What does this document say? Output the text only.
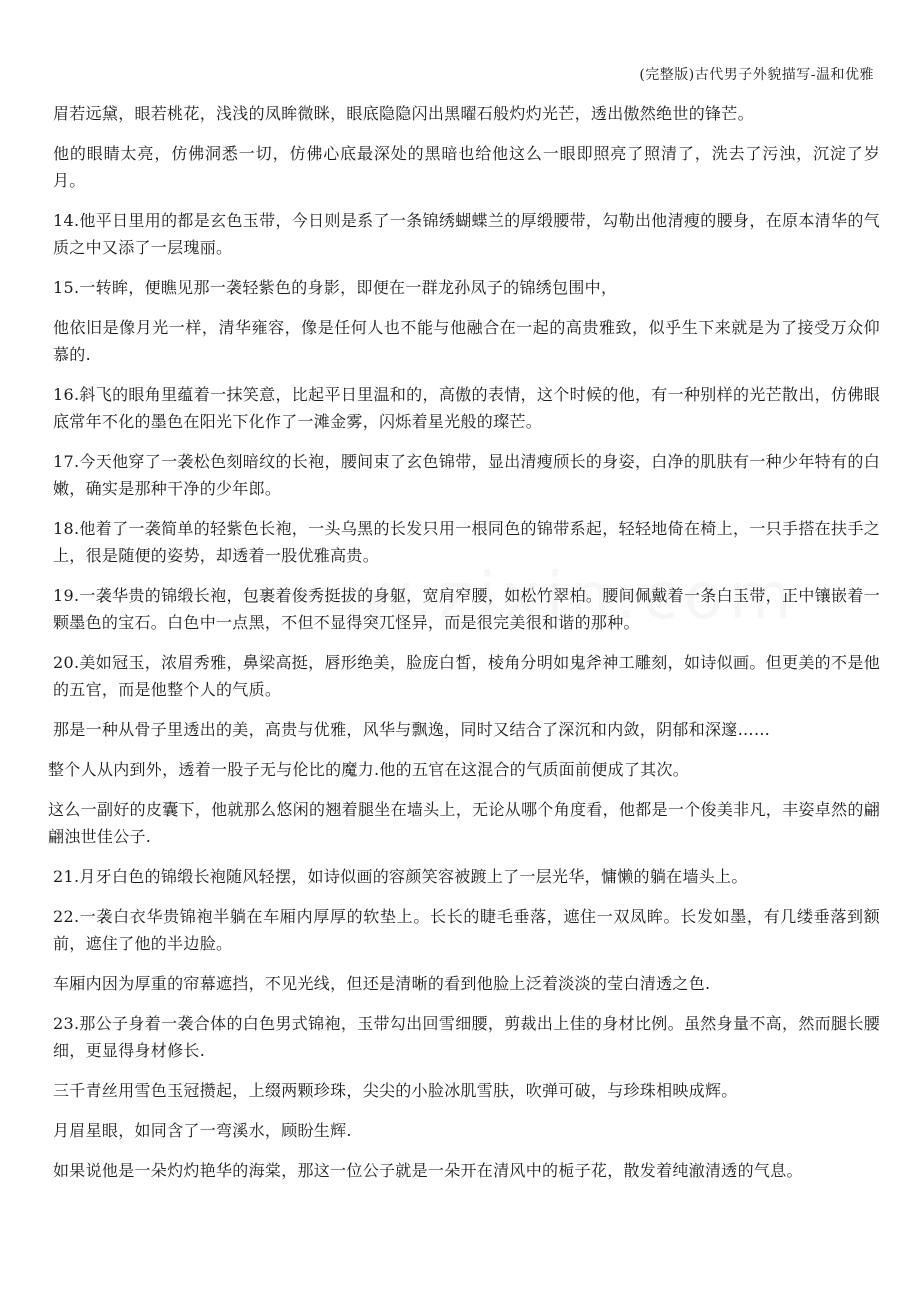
(完整版)古代男子外貌描写-温和优雅

眉若远黛，眼若桃花，浅浅的凤眸微眯，眼底隐隐闪出黑曜石般灼灼光芒，透出傲然绝世的锋芒。

他的眼睛太亮，仿佛洞悉一切，仿佛心底最深处的黑暗也给他这么一眼即照亮了照清了，洗去了污浊，沉淀了岁月。

14.他平日里用的都是玄色玉带，今日则是系了一条锦绣蝴蝶兰的厚缎腰带，勾勒出他清瘦的腰身，在原本清华的气质之中又添了一层瑰丽。

15.一转眸，便瞧见那一袭轻紫色的身影，即便在一群龙孙凤子的锦绣包围中，

他依旧是像月光一样，清华雍容，像是任何人也不能与他融合在一起的高贵雅致，似乎生下来就是为了接受万众仰慕的.

16.斜飞的眼角里蕴着一抹笑意，比起平日里温和的，高傲的表情，这个时候的他，有一种别样的光芒散出，仿佛眼底常年不化的墨色在阳光下化作了一滩金雾，闪烁着星光般的璨芒。

17.今天他穿了一袭松色刻暗纹的长袍，腰间束了玄色锦带，显出清瘦颀长的身姿，白净的肌肤有一种少年特有的白嫩，确实是那种干净的少年郎。

18.他着了一袭简单的轻紫色长袍，一头乌黑的长发只用一根同色的锦带系起，轻轻地倚在椅上，一只手搭在扶手之上，很是随便的姿势，却透着一股优雅高贵。

19.一袭华贵的锦缎长袍，包裹着俊秀挺拔的身躯，宽肩窄腰，如松竹翠柏。腰间佩戴着一条白玉带，正中镶嵌着一颗墨色的宝石。白色中一点黑，不但不显得突兀怪异，而是很完美很和谐的那种。

20.美如冠玉，浓眉秀雅，鼻梁高挺，唇形绝美，脸庞白皙，棱角分明如鬼斧神工雕刻，如诗似画。但更美的不是他的五官，而是他整个人的气质。

那是一种从骨子里透出的美，高贵与优雅，风华与飘逸，同时又结合了深沉和内敛，阴郁和深邃……

整个人从内到外，透着一股子无与伦比的魔力.他的五官在这混合的气质面前便成了其次。

这么一副好的皮囊下，他就那么悠闲的翘着腿坐在墙头上，无论从哪个角度看，他都是一个俊美非凡，丰姿卓然的翩翩浊世佳公子.

21.月牙白色的锦缎长袍随风轻摆，如诗似画的容颜笑容被踱上了一层光华，慵懒的躺在墙头上。

22.一袭白衣华贵锦袍半躺在车厢内厚厚的软垫上。长长的睫毛垂落，遮住一双凤眸。长发如墨，有几缕垂落到额前，遮住了他的半边脸。

车厢内因为厚重的帘幕遮挡，不见光线，但还是清晰的看到他脸上泛着淡淡的莹白清透之色.

23.那公子身着一袭合体的白色男式锦袍，玉带勾出回雪细腰，剪裁出上佳的身材比例。虽然身量不高，然而腿长腰细，更显得身材修长.

三千青丝用雪色玉冠攒起，上缀两颗珍珠，尖尖的小脸冰肌雪肤，吹弹可破，与珍珠相映成辉。

月眉星眼，如同含了一弯溪水，顾盼生辉.

如果说他是一朵灼灼艳华的海棠，那这一位公子就是一朵开在清风中的栀子花，散发着纯澈清透的气息。
